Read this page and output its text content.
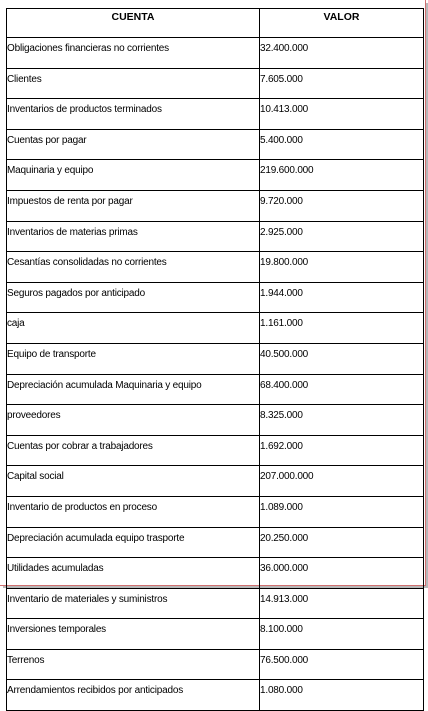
CUENTA	VALOR
Obligaciones financieras no corrientes	32.400.000
Clientes	7.605.000
Inventarios de productos terminados	10.413.000
Cuentas por pagar	5.400.000
Maquinaria y equipo	219.600.000
Impuestos de renta por pagar	9.720.000
Inventarios de materias primas	2.925.000
Cesantías consolidadas no corrientes	19.800.000
Seguros pagados por anticipado	1.944.000
caja	1.161.000
Equipo de transporte	40.500.000
Depreciación acumulada Maquinaria y equipo	68.400.000
proveedores	8.325.000
Cuentas por cobrar a trabajadores	1.692.000
Capital social	207.000.000
Inventario de productos en proceso	1.089.000
Depreciación acumulada equipo trasporte	20.250.000
Utilidades acumuladas	36.000.000
Inventario de materiales y suministros	14.913.000
Inversiones temporales	8.100.000
Terrenos	76.500.000
Arrendamientos recibidos por anticipados	1.080.000
